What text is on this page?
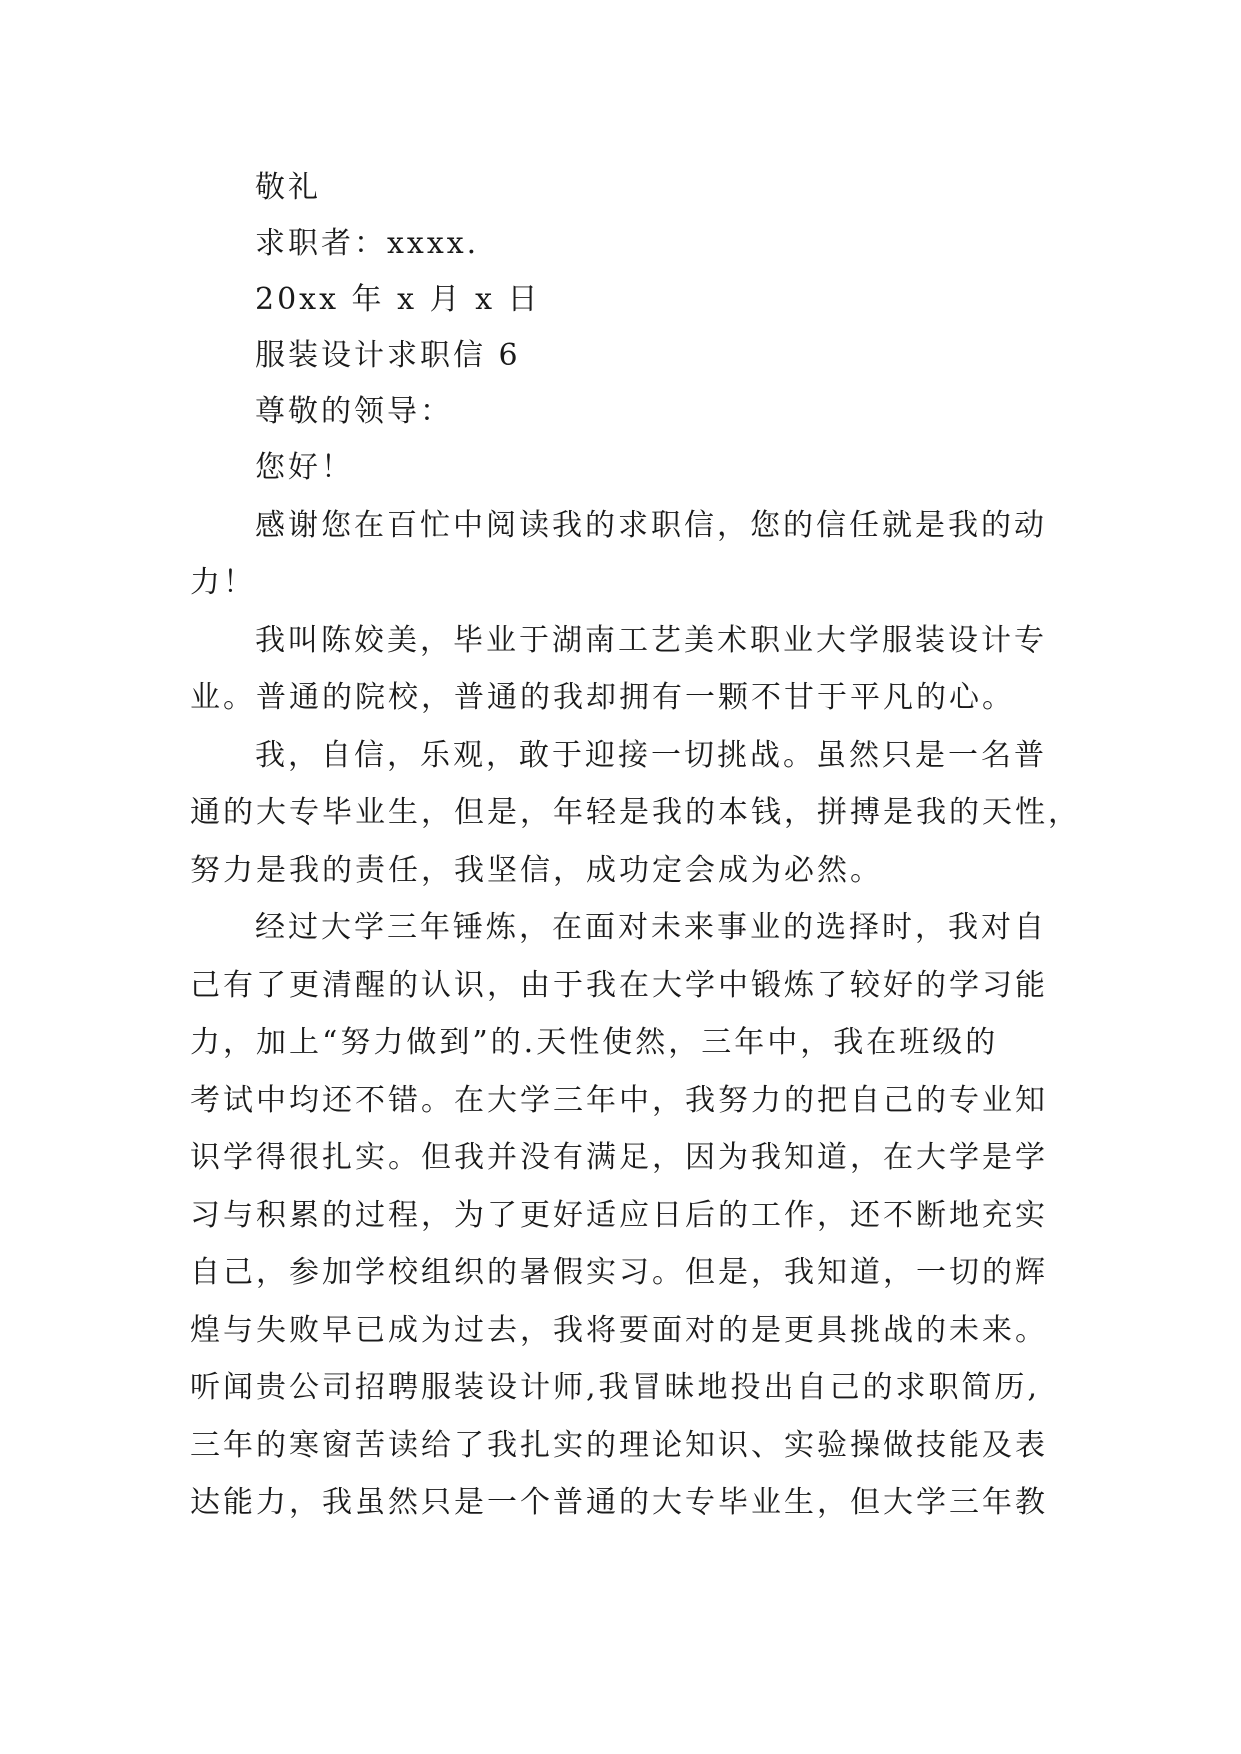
敬礼
求职者：xxxx.
20xx 年 x 月 x 日
服装设计求职信 6
尊敬的领导：
您好！
感谢您在百忙中阅读我的求职信，您的信任就是我的动
力！
我叫陈姣美，毕业于湖南工艺美术职业大学服装设计专
业。普通的院校，普通的我却拥有一颗不甘于平凡的心。
我，自信，乐观，敢于迎接一切挑战。虽然只是一名普
通的大专毕业生，但是，年轻是我的本钱，拼搏是我的天性，
努力是我的责任，我坚信，成功定会成为必然。
经过大学三年锤炼，在面对未来事业的选择时，我对自
己有了更清醒的认识，由于我在大学中锻炼了较好的学习能
力，加上“努力做到”的.天性使然，三年中，我在班级的
考试中均还不错。在大学三年中，我努力的把自己的专业知
识学得很扎实。但我并没有满足，因为我知道，在大学是学
习与积累的过程，为了更好适应日后的工作，还不断地充实
自己，参加学校组织的暑假实习。但是，我知道，一切的辉
煌与失败早已成为过去，我将要面对的是更具挑战的未来。
听闻贵公司招聘服装设计师,我冒昧地投出自己的求职简历,
三年的寒窗苦读给了我扎实的理论知识、实验操做技能及表
达能力，我虽然只是一个普通的大专毕业生，但大学三年教
